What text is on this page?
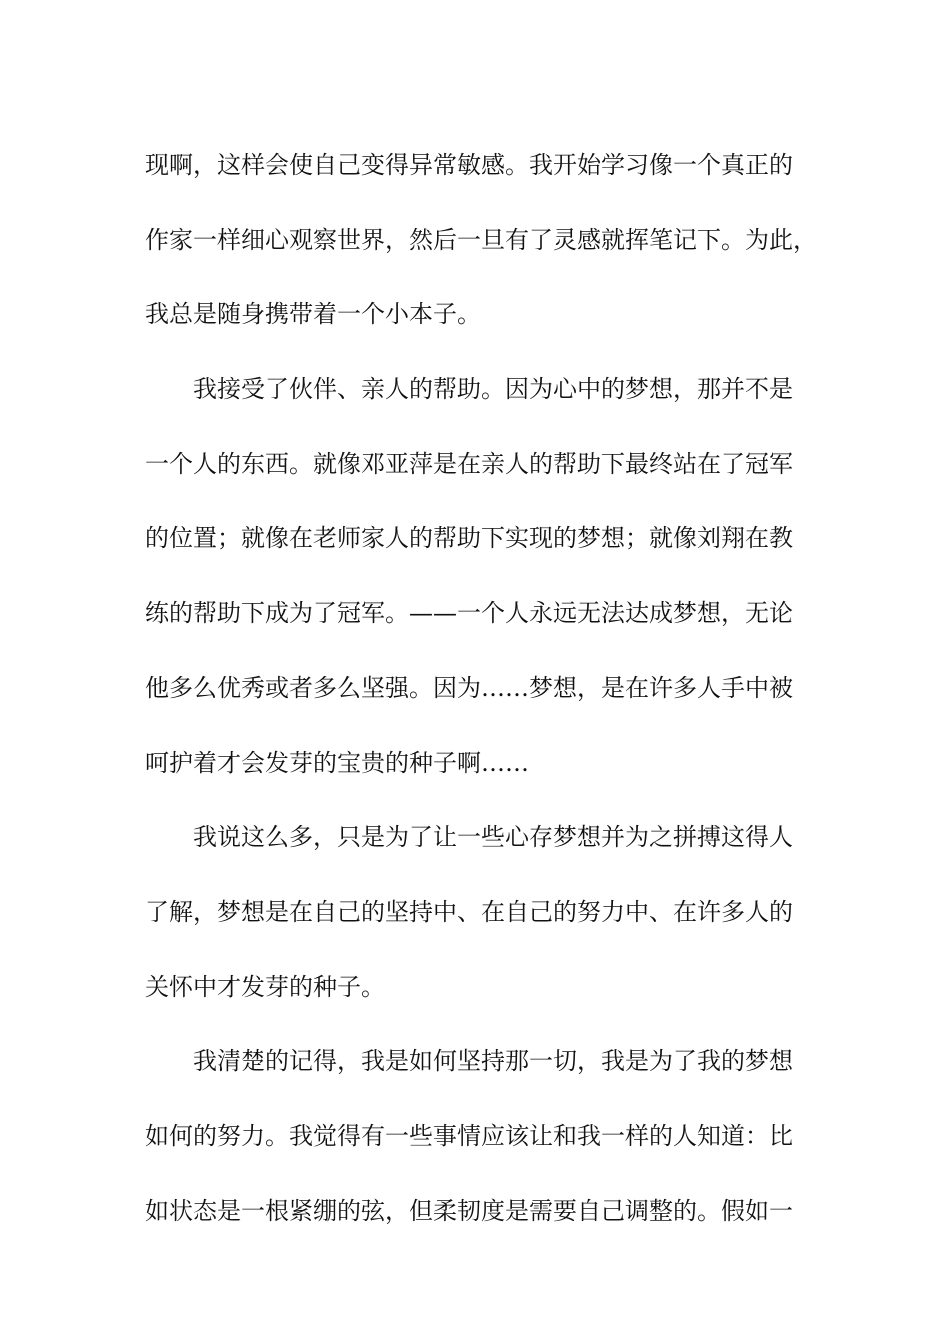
现啊，这样会使自己变得异常敏感。我开始学习像一个真正的
作家一样细心观察世界，然后一旦有了灵感就挥笔记下。为此，
我总是随身携带着一个小本子。
我接受了伙伴、亲人的帮助。因为心中的梦想，那并不是
一个人的东西。就像邓亚萍是在亲人的帮助下最终站在了冠军
的位置；就像在老师家人的帮助下实现的梦想；就像刘翔在教
练的帮助下成为了冠军。——一个人永远无法达成梦想，无论
他多么优秀或者多么坚强。因为……梦想，是在许多人手中被
呵护着才会发芽的宝贵的种子啊……
我说这么多，只是为了让一些心存梦想并为之拼搏这得人
了解，梦想是在自己的坚持中、在自己的努力中、在许多人的
关怀中才发芽的种子。
我清楚的记得，我是如何坚持那一切，我是为了我的梦想
如何的努力。我觉得有一些事情应该让和我一样的人知道：比
如状态是一根紧绷的弦，但柔韧度是需要自己调整的。假如一
